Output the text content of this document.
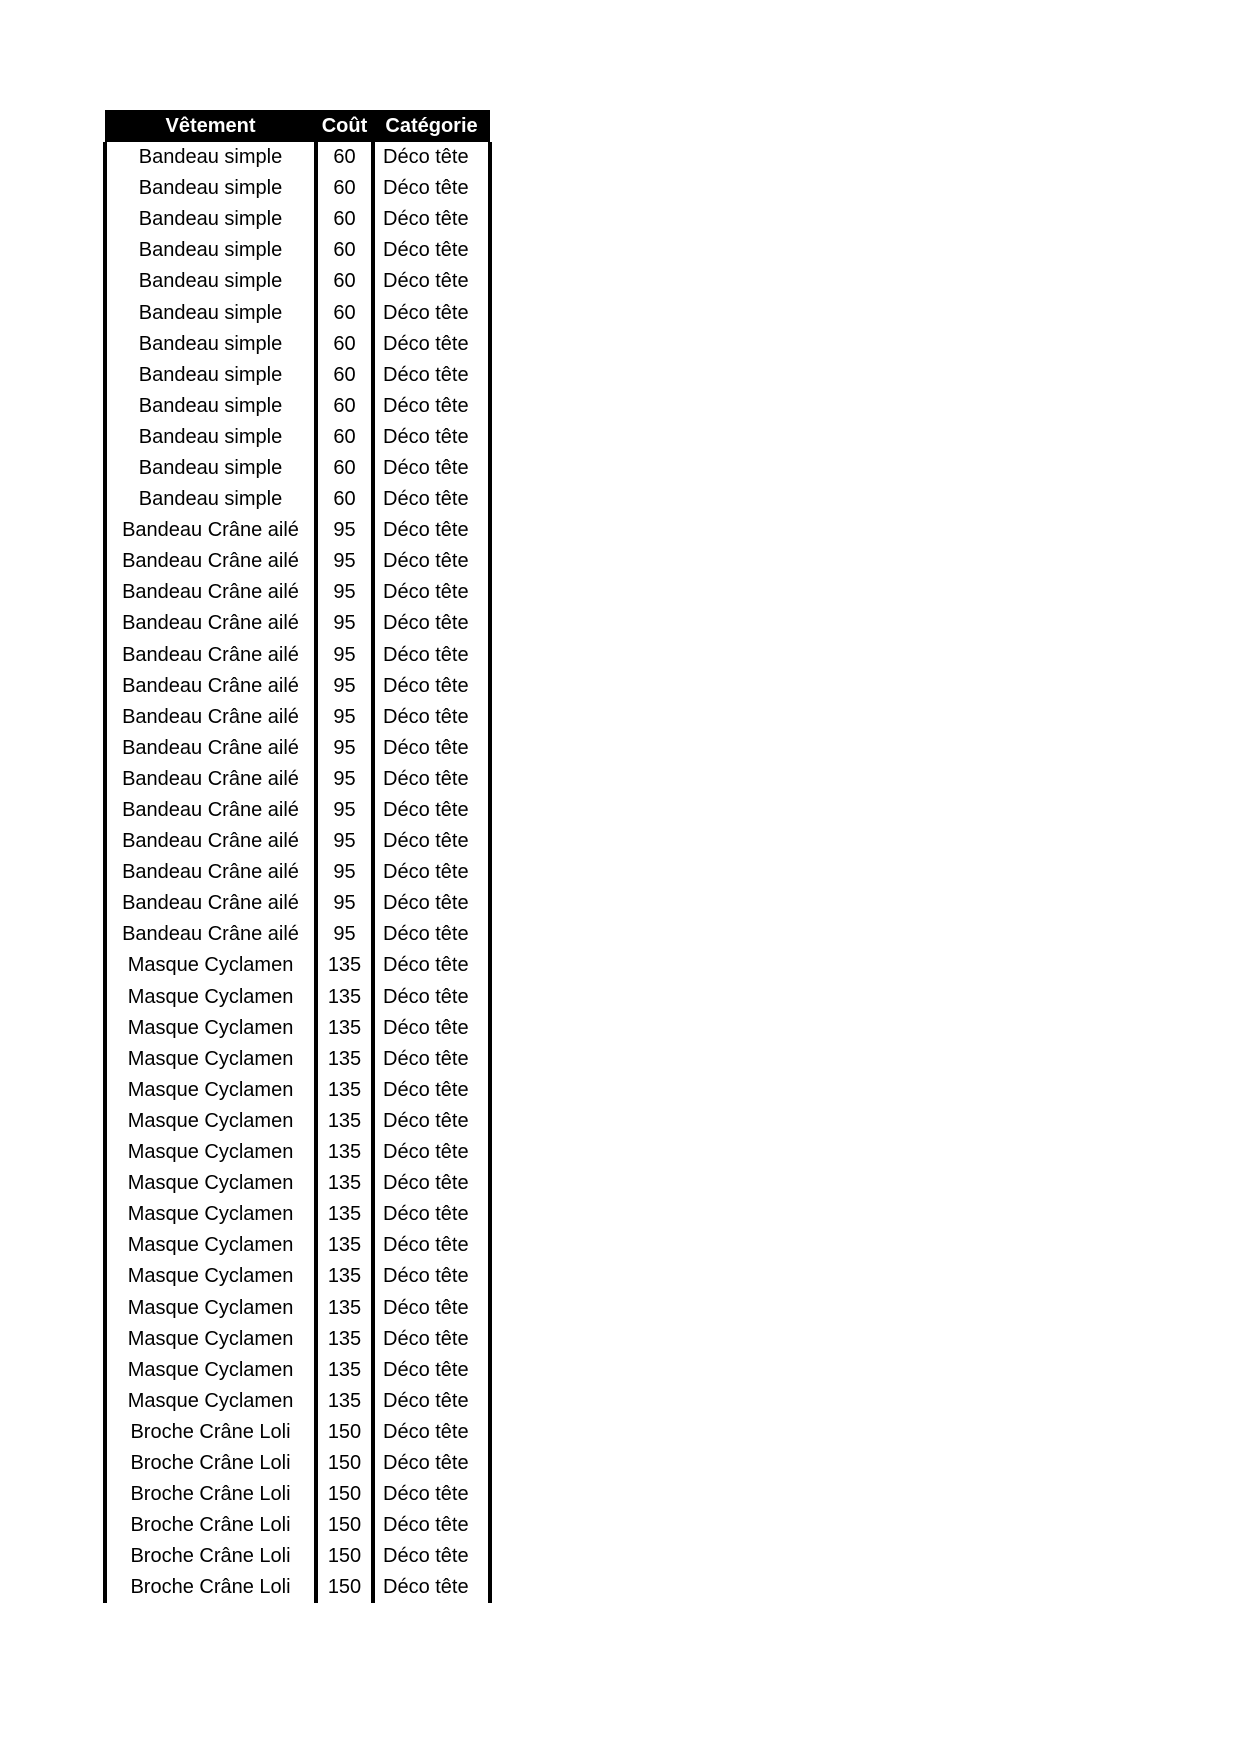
Vêtement	Coût	Catégorie
Bandeau simple	60	Déco tête
Bandeau simple	60	Déco tête
Bandeau simple	60	Déco tête
Bandeau simple	60	Déco tête
Bandeau simple	60	Déco tête
Bandeau simple	60	Déco tête
Bandeau simple	60	Déco tête
Bandeau simple	60	Déco tête
Bandeau simple	60	Déco tête
Bandeau simple	60	Déco tête
Bandeau simple	60	Déco tête
Bandeau simple	60	Déco tête
Bandeau Crâne ailé	95	Déco tête
Bandeau Crâne ailé	95	Déco tête
Bandeau Crâne ailé	95	Déco tête
Bandeau Crâne ailé	95	Déco tête
Bandeau Crâne ailé	95	Déco tête
Bandeau Crâne ailé	95	Déco tête
Bandeau Crâne ailé	95	Déco tête
Bandeau Crâne ailé	95	Déco tête
Bandeau Crâne ailé	95	Déco tête
Bandeau Crâne ailé	95	Déco tête
Bandeau Crâne ailé	95	Déco tête
Bandeau Crâne ailé	95	Déco tête
Bandeau Crâne ailé	95	Déco tête
Bandeau Crâne ailé	95	Déco tête
Masque Cyclamen	135	Déco tête
Masque Cyclamen	135	Déco tête
Masque Cyclamen	135	Déco tête
Masque Cyclamen	135	Déco tête
Masque Cyclamen	135	Déco tête
Masque Cyclamen	135	Déco tête
Masque Cyclamen	135	Déco tête
Masque Cyclamen	135	Déco tête
Masque Cyclamen	135	Déco tête
Masque Cyclamen	135	Déco tête
Masque Cyclamen	135	Déco tête
Masque Cyclamen	135	Déco tête
Masque Cyclamen	135	Déco tête
Masque Cyclamen	135	Déco tête
Masque Cyclamen	135	Déco tête
Broche Crâne Loli	150	Déco tête
Broche Crâne Loli	150	Déco tête
Broche Crâne Loli	150	Déco tête
Broche Crâne Loli	150	Déco tête
Broche Crâne Loli	150	Déco tête
Broche Crâne Loli	150	Déco tête
